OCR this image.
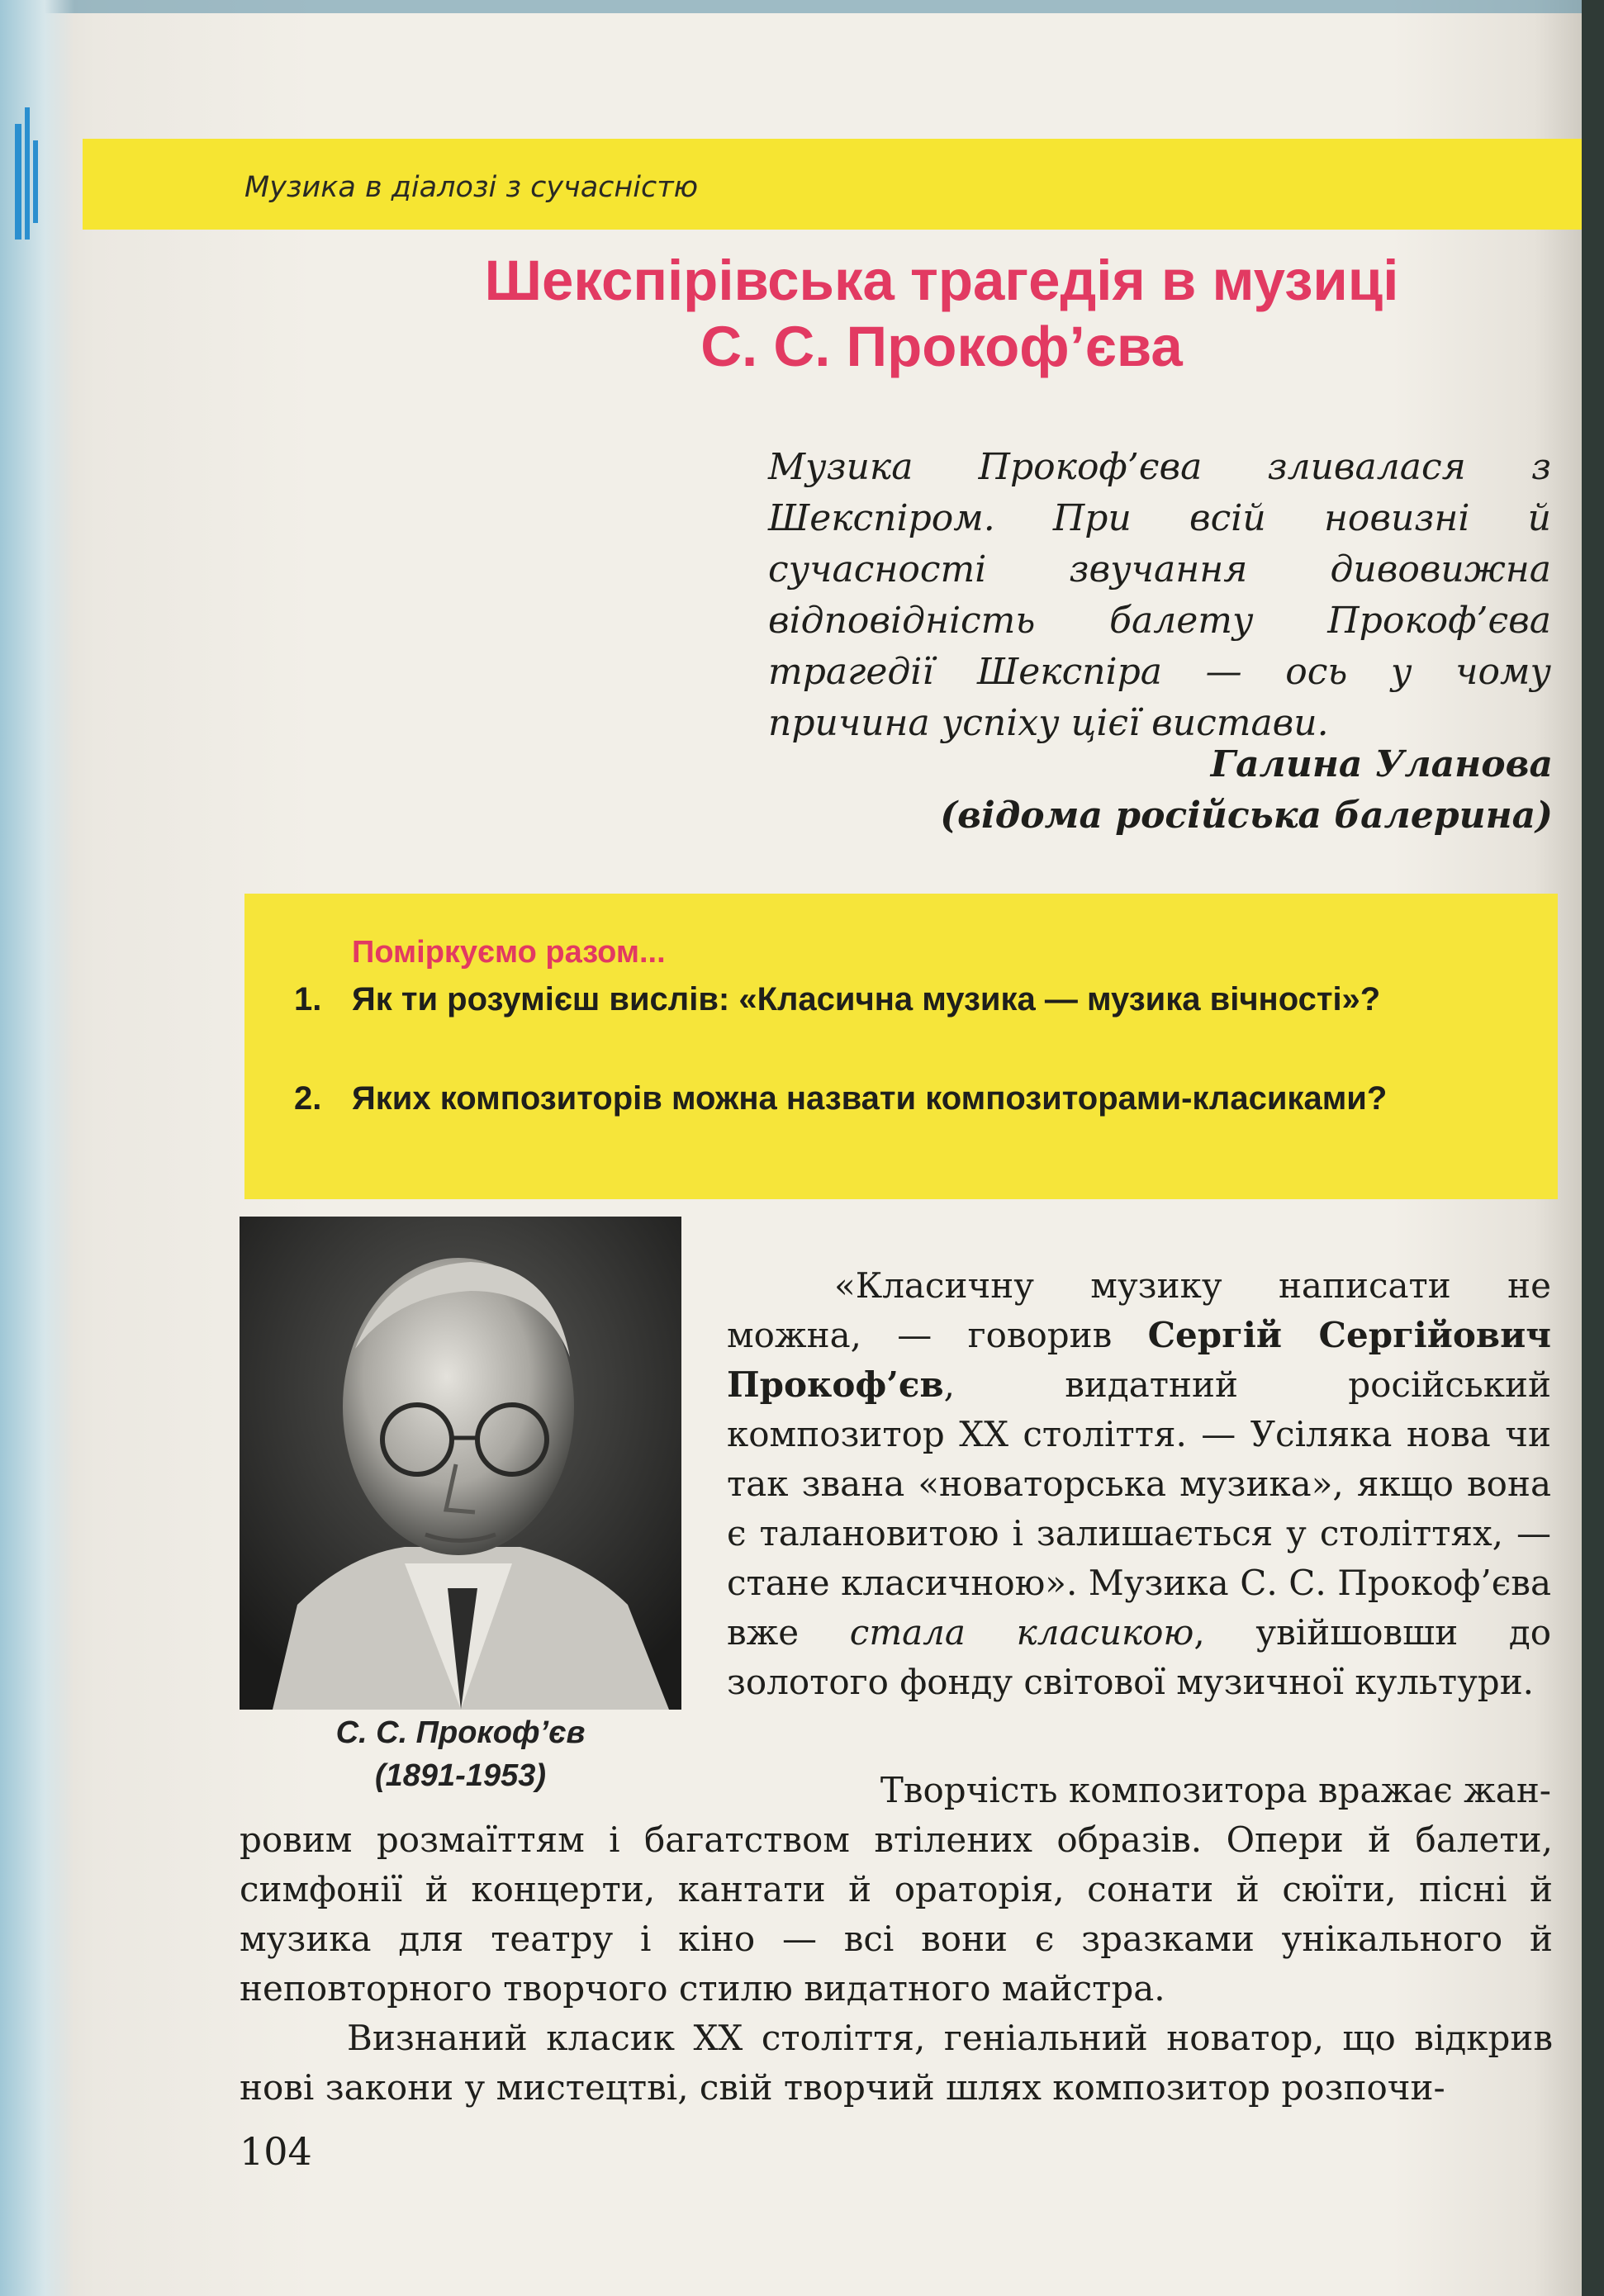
Музика в діалозі з сучасністю
Шекспірівська трагедія в музиці
С. С. Прокоф’єва
Музика Прокоф’єва зливалася з Шекспіром. При всій новизні й сучасності звучання дивовижна відповідність балету Прокоф’єва трагедії Шекспіра — ось у чому причина успіху цієї вистави.
Галина Уланова
(відома російська балерина)
Поміркуємо разом...
1. Як ти розумієш вислів: «Класична музика — музика вічності»?
2. Яких композиторів можна назвати композиторами-класиками?
С. С. Прокоф’єв
(1891-1953)

«Класичну музику написати не можна, — говорив Сергій Сергійович Прокоф’єв, видатний російський композитор XX століття. — Усіляка нова чи так звана «новаторська музика», якщо вона є талановитою і залишається у століттях, — стане класичною». Музика С. С. Прокоф’єва вже стала класикою, увійшовши до золотого фонду світової музичної культури.

Творчість композитора вражає жан-
ровим розмаїттям і багатством втілених образів. Опери й балети, симфонії й концерти, кантати й ораторія, сонати й сюїти, пісні й музика для театру і кіно — всі вони є зразками унікального й неповторного творчого стилю видатного майстра.
Визнаний класик XX століття, геніальний новатор, що відкрив нові закони у мистецтві, свій творчий шлях композитор розпочи-
104
